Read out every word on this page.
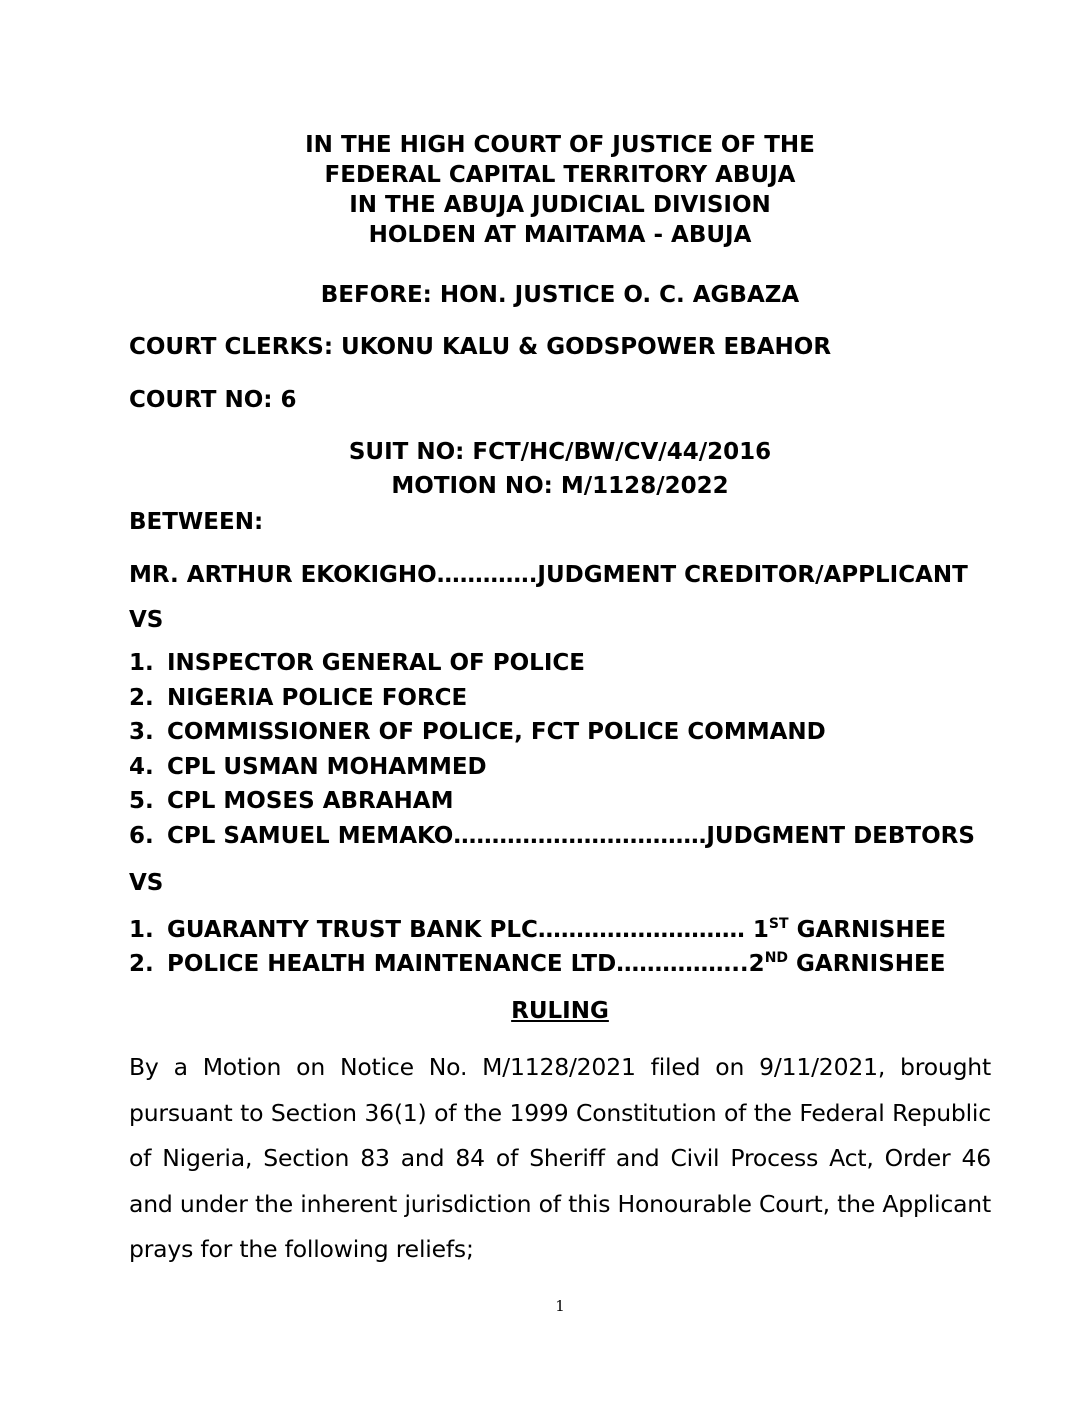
IN THE HIGH COURT OF JUSTICE OF THE
FEDERAL CAPITAL TERRITORY ABUJA
IN THE ABUJA JUDICIAL DIVISION
HOLDEN AT MAITAMA - ABUJA
BEFORE: HON. JUSTICE O. C. AGBAZA
COURT CLERKS: UKONU KALU & GODSPOWER EBAHOR
COURT NO: 6
SUIT NO: FCT/HC/BW/CV/44/2016
MOTION NO: M/1128/2022
BETWEEN:
MR. ARTHUR EKOKIGHO………….JUDGMENT CREDITOR/APPLICANT
VS
1. INSPECTOR GENERAL OF POLICE
2. NIGERIA POLICE FORCE
3. COMMISSIONER OF POLICE, FCT POLICE COMMAND
4. CPL USMAN MOHAMMED
5. CPL MOSES ABRAHAM
6. CPL SAMUEL MEMAKO……………………………JUDGMENT DEBTORS
VS
1. GUARANTY TRUST BANK PLC……………………… 1ST GARNISHEE
2. POLICE HEALTH MAINTENANCE LTD……………..2ND GARNISHEE
RULING
By a Motion on Notice No. M/1128/2021 filed on 9/11/2021, brought pursuant to Section 36(1) of the 1999 Constitution of the Federal Republic of Nigeria, Section 83 and 84 of Sheriff and Civil Process Act, Order 46 and under the inherent jurisdiction of this Honourable Court, the Applicant prays for the following reliefs;
1
